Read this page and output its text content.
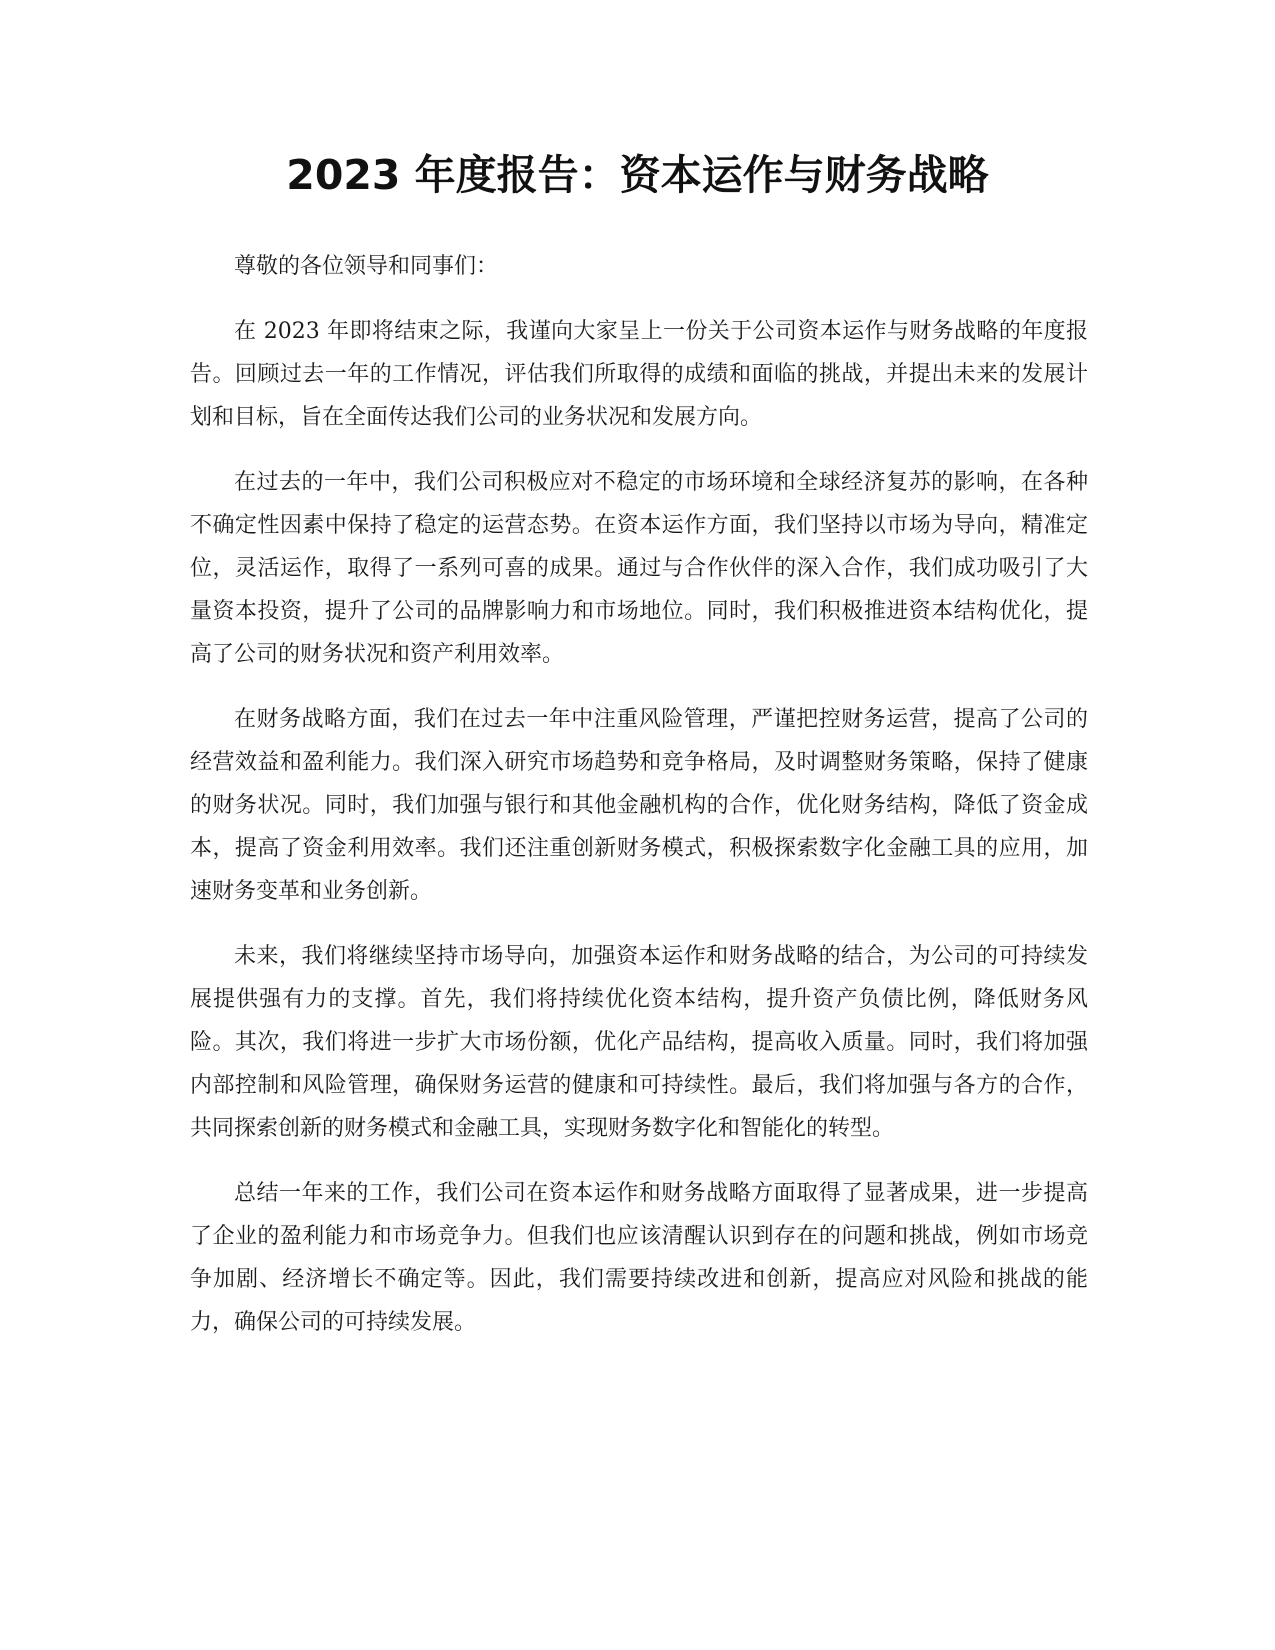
2023 年度报告：资本运作与财务战略

尊敬的各位领导和同事们：

在 2023 年即将结束之际，我谨向大家呈上一份关于公司资本运作与财务战略的年度报告。回顾过去一年的工作情况，评估我们所取得的成绩和面临的挑战，并提出未来的发展计划和目标，旨在全面传达我们公司的业务状况和发展方向。

在过去的一年中，我们公司积极应对不稳定的市场环境和全球经济复苏的影响，在各种不确定性因素中保持了稳定的运营态势。在资本运作方面，我们坚持以市场为导向，精准定位，灵活运作，取得了一系列可喜的成果。通过与合作伙伴的深入合作，我们成功吸引了大量资本投资，提升了公司的品牌影响力和市场地位。同时，我们积极推进资本结构优化，提高了公司的财务状况和资产利用效率。

在财务战略方面，我们在过去一年中注重风险管理，严谨把控财务运营，提高了公司的经营效益和盈利能力。我们深入研究市场趋势和竞争格局，及时调整财务策略，保持了健康的财务状况。同时，我们加强与银行和其他金融机构的合作，优化财务结构，降低了资金成本，提高了资金利用效率。我们还注重创新财务模式，积极探索数字化金融工具的应用，加速财务变革和业务创新。

未来，我们将继续坚持市场导向，加强资本运作和财务战略的结合，为公司的可持续发展提供强有力的支撑。首先，我们将持续优化资本结构，提升资产负债比例，降低财务风险。其次，我们将进一步扩大市场份额，优化产品结构，提高收入质量。同时，我们将加强内部控制和风险管理，确保财务运营的健康和可持续性。最后，我们将加强与各方的合作，共同探索创新的财务模式和金融工具，实现财务数字化和智能化的转型。

总结一年来的工作，我们公司在资本运作和财务战略方面取得了显著成果，进一步提高了企业的盈利能力和市场竞争力。但我们也应该清醒认识到存在的问题和挑战，例如市场竞争加剧、经济增长不确定等。因此，我们需要持续改进和创新，提高应对风险和挑战的能力，确保公司的可持续发展。
